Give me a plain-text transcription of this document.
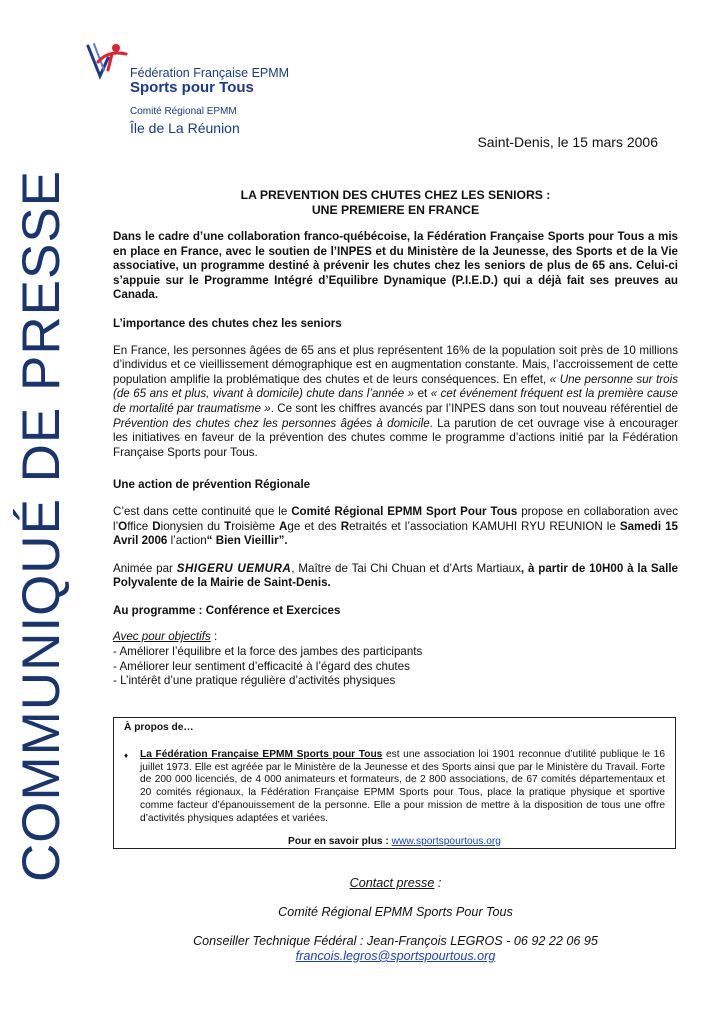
Fédération Française EPMM
Sports pour Tous
Comité Régional EPMM
Île de La Réunion
Saint-Denis, le 15 mars 2006
COMMUNIQUÉ DE PRESSE	LA PREVENTION DES CHUTES CHEZ LES SENIORS :
UNE PREMIERE EN FRANCE

Dans le cadre d’une collaboration franco-québécoise, la Fédération Française Sports pour Tous a mis en place en France, avec le soutien de l’INPES et du Ministère de la Jeunesse, des Sports et de la Vie associative, un programme destiné à prévenir les chutes chez les seniors de plus de 65 ans. Celui-ci s’appuie sur le Programme Intégré d’Equilibre Dynamique (P.I.E.D.) qui a déjà fait ses preuves au Canada.

L’importance des chutes chez les seniors

En France, les personnes âgées de 65 ans et plus représentent 16% de la population soit près de 10 millions d’individus et ce vieillissement démographique est en augmentation constante. Mais, l’accroissement de cette population amplifie la problématique des chutes et de leurs conséquences. En effet, « Une personne sur trois (de 65 ans et plus, vivant à domicile) chute dans l’année » et « cet événement fréquent est la première cause de mortalité par traumatisme ». Ce sont les chiffres avancés par l’INPES dans son tout nouveau référentiel de Prévention des chutes chez les personnes âgées à domicile. La parution de cet ouvrage vise à encourager les initiatives en faveur de la prévention des chutes comme le programme d’actions initié par la Fédération Française Sports pour Tous.

Une action de prévention Régionale

C’est dans cette continuité que le Comité Régional EPMM Sport Pour Tous propose en collaboration avec l’Office Dionysien du Troisième Age et des Retraités et l’association KAMUHI RYU REUNION le Samedi 15 Avril 2006 l’action“ Bien Vieillir”.

Animée par SHIGERU UEMURA, Maître de Tai Chi Chuan et d’Arts Martiaux, à partir de 10H00 à la Salle Polyvalente de la Mairie de Saint-Denis.

Au programme : Conférence et Exercices

Avec pour objectifs :

- Améliorer l’équilibre et la force des jambes des participants

- Améliorer leur sentiment d’efficacité à l’égard des chutes

- L’intérêt d’une pratique régulière d’activités physiques

À propos de…

♦	La Fédération Française EPMM Sports pour Tous est une association loi 1901 reconnue d’utilité publique le 16 juillet 1973. Elle est agréée par le Ministère de la Jeunesse et des Sports ainsi que par le Ministère du Travail. Forte de 200 000 licenciés, de 4 000 animateurs et formateurs, de 2 800 associations, de 67 comités départementaux et 20 comités régionaux, la Fédération Française EPMM Sports pour Tous, place la pratique physique et sportive comme facteur d’épanouissement de la personne. Elle a pour mission de mettre à la disposition de tous une offre d’activités physiques adaptées et variées.

Pour en savoir plus : www.sportspourtous.org

Contact presse :

Comité Régional EPMM Sports Pour Tous

Conseiller Technique Fédéral : Jean-François LEGROS - 06 92 22 06 95

francois.legros@sportspourtous.org
